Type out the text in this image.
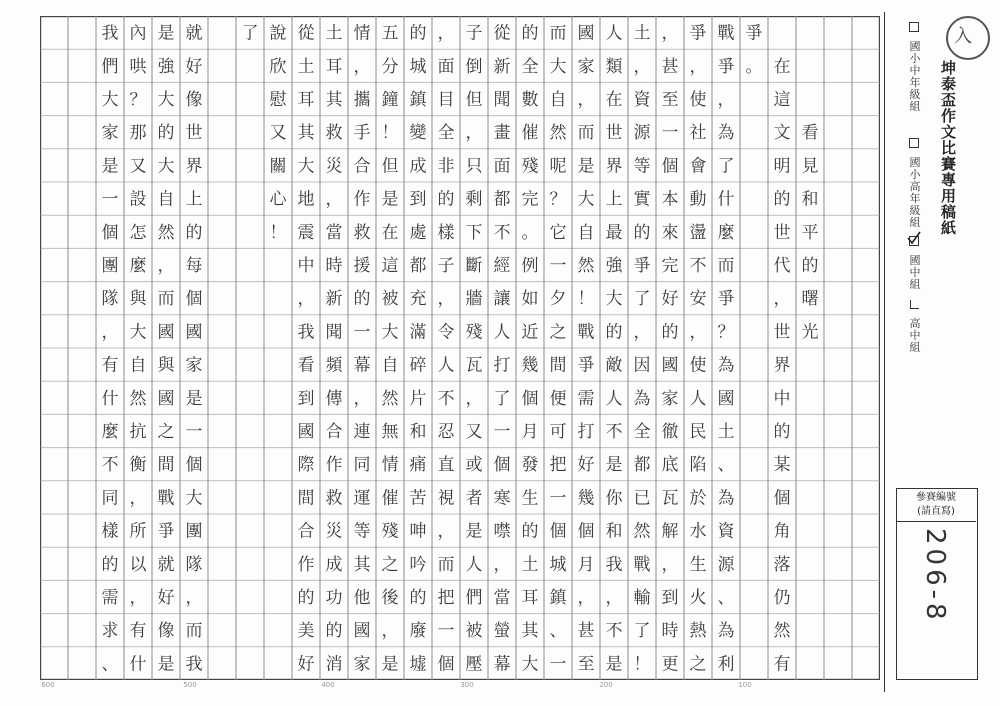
我
們
大
家
是
一
個
團
隊
，
有
什
麼
不
同
樣
的
需
求
、
內
哄
？
那
又
設
怎
麼
與
大
自
然
抗
衡
，
所
以
，
有
什
是
強
大
的
大
自
然
，
而
國
與
國
之
間
戰
爭
就
好
像
是
就
好
像
世
界
上
的
每
個
國
家
是
一
個
大
團
隊
，
而
我
了 說
欣
慰
又
關
心
！
從
土
耳
其
大
地
震
中
，
我
看
到
國
際
間
合
作
的
美
好
土
耳
其
救
災
，
當
時
新
聞
頻
傳
合
作
救
災
成
功
的
消
情
，
攜
手
合
作
救
援
的
一
幕
，
連
同
運
等
其
他
國
家
五
分
鐘
！
但
是
在
這
被
大
自
然
無
情
催
殘
之
後
，
是
的
城
鎮
變
成
到
處
都
充
滿
碎
片
和
痛
苦
呻
吟
的
廢
墟
，
面
目
全
非
的
樣
子
，
令
人
不
忍
直
視
，
而
把
一
個
子
倒
但
，
只
剩
下
斷
牆
殘
瓦
，
又
或
者
是
人
們
被
壓
從
新
聞
畫
面
都
不
經
讓
人
打
了
一
個
寒
噤
，
當
螢
幕
的
全
數
催
殘
完
。
例
如
近
幾
個
月
發
生
的
土
耳
其
大
而
大
自
然
呢
？
它
一
夕
之
間
便
可
把
一
個
城
鎮
、
一
國
家
，
而
是
大
自
然
！
戰
爭
需
打
好
幾
個
月
，
甚
至
人
類
在
世
界
上
最
強
大
的
敵
人
不
是
你
和
我
，
不
是
土
，
資
源
等
實
的
爭
了
，
因
為
全
都
已
然
戰
輸
了
！
，
甚
至
一
個
本
來
完
好
的
國
家
徹
底
瓦
解
，
到
時
更
爭
，
使
社
會
動
盪
不
安
，
使
人
民
陷
於
水
生
火
熱
之
戰
爭
，
為
了
什
麼
而
爭
？
為
國
土
、
為
資
源
、
為
利
爭
。 在
這
文
明
的
世
代
，
世
界
中
的
某
個
角
落
仍
然
有
看
見
和
平
的
曙
光
入
坤泰盃作文比賽專用稿紙
國小中年級組
國小高年級組
國中組
高中組
參賽編號
(請直寫)
206-8
600	500	400	300	200	100
